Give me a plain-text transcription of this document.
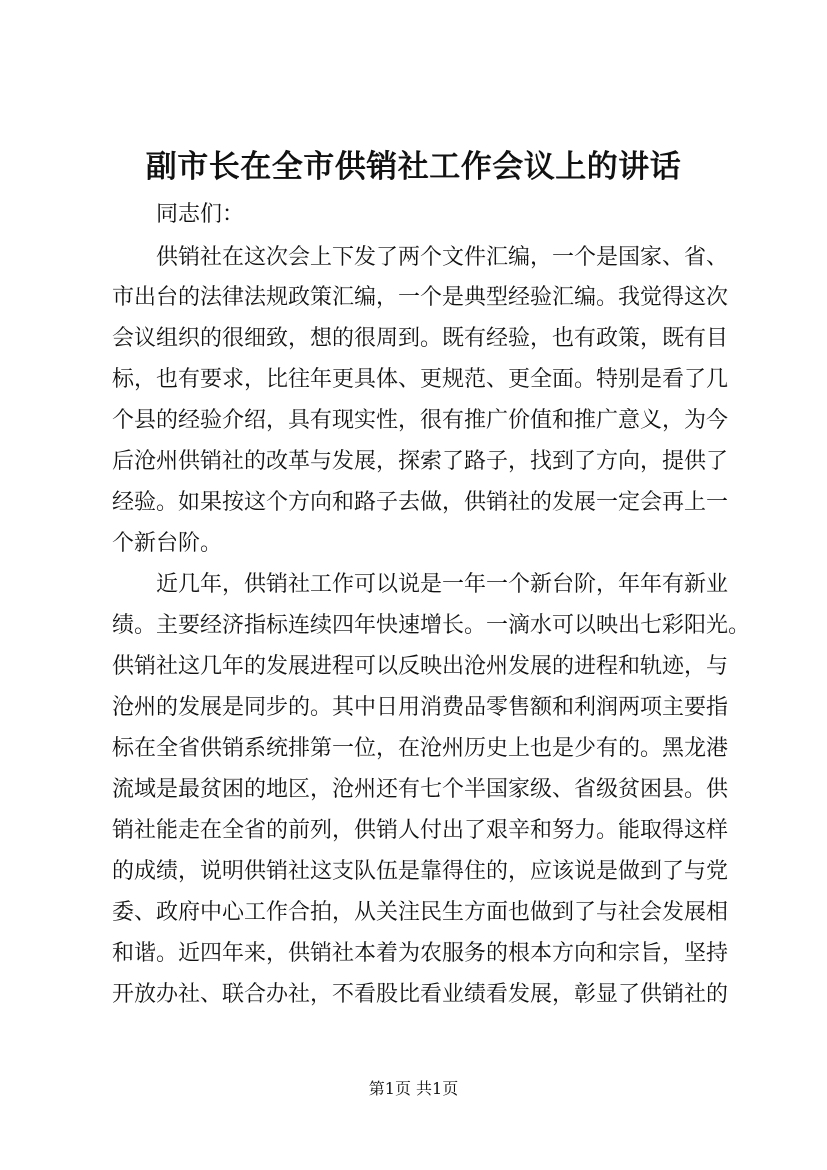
副市长在全市供销社工作会议上的讲话
同志们：
供销社在这次会上下发了两个文件汇编，一个是国家、省、
市出台的法律法规政策汇编，一个是典型经验汇编。我觉得这次
会议组织的很细致，想的很周到。既有经验，也有政策，既有目
标，也有要求，比往年更具体、更规范、更全面。特别是看了几
个县的经验介绍，具有现实性，很有推广价值和推广意义，为今
后沧州供销社的改革与发展，探索了路子，找到了方向，提供了
经验。如果按这个方向和路子去做，供销社的发展一定会再上一
个新台阶。
近几年，供销社工作可以说是一年一个新台阶，年年有新业
绩。主要经济指标连续四年快速增长。一滴水可以映出七彩阳光。
供销社这几年的发展进程可以反映出沧州发展的进程和轨迹，与
沧州的发展是同步的。其中日用消费品零售额和利润两项主要指
标在全省供销系统排第一位，在沧州历史上也是少有的。黑龙港
流域是最贫困的地区，沧州还有七个半国家级、省级贫困县。供
销社能走在全省的前列，供销人付出了艰辛和努力。能取得这样
的成绩，说明供销社这支队伍是靠得住的，应该说是做到了与党
委、政府中心工作合拍，从关注民生方面也做到了与社会发展相
和谐。近四年来，供销社本着为农服务的根本方向和宗旨，坚持
开放办社、联合办社，不看股比看业绩看发展，彰显了供销社的
第1页 共1页
